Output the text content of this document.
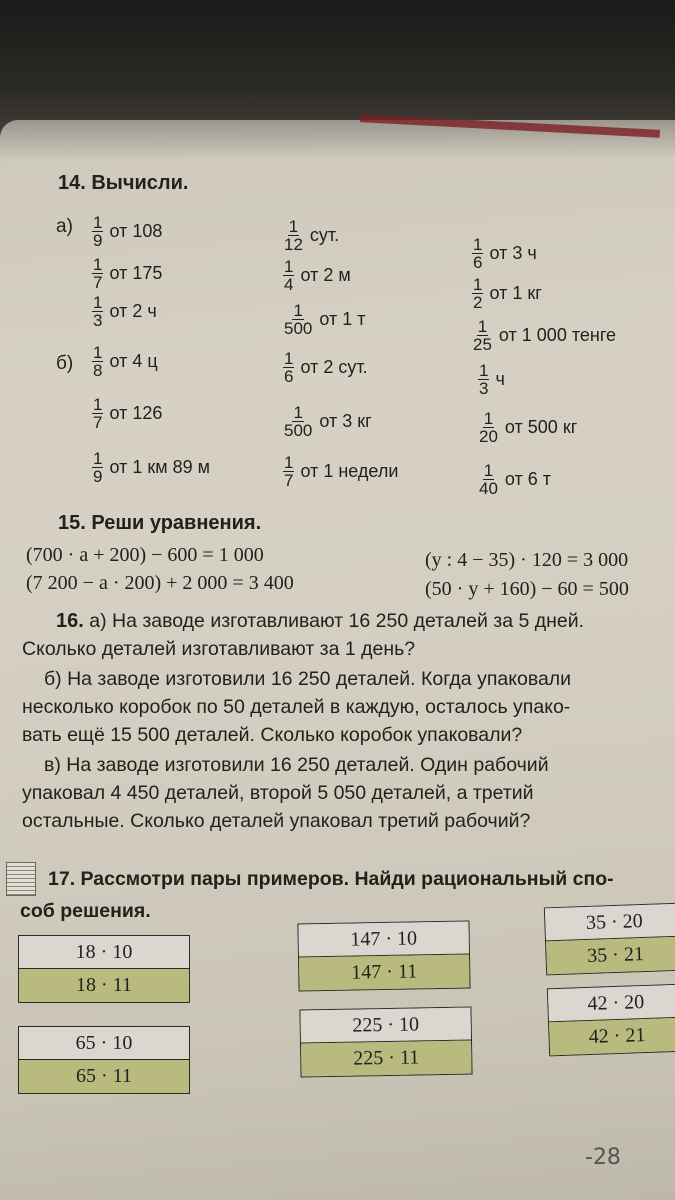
14. Вычисли.
а)
б)
$\frac{1}{9}$ от 108
$\frac{1}{7}$ от 175
$\frac{1}{3}$ от 2 ч
$\frac{1}{12}$ сут.
$\frac{1}{4}$ от 2 м
$\frac{1}{500}$ от 1 т
$\frac{1}{6}$ от 3 ч
$\frac{1}{2}$ от 1 кг
$\frac{1}{25}$ от 1 000 тенге
$\frac{1}{8}$ от 4 ц
$\frac{1}{7}$ от 126
$\frac{1}{9}$ от 1 км 89 м
$\frac{1}{6}$ от 2 сут.
$\frac{1}{500}$ от 3 кг
$\frac{1}{7}$ от 1 недели
$\frac{1}{3}$ ч
$\frac{1}{20}$ от 500 кг
$\frac{1}{40}$ от 6 т
15. Реши уравнения.
(700 · a + 200) − 600 = 1 000
(7 200 − a · 200) + 2 000 = 3 400
(y : 4 − 35) · 120 = 3 000
(50 · y + 160) − 60 = 500
16. а) На заводе изготавливают 16 250 деталей за 5 дней.
Сколько деталей изготавливают за 1 день?
б) На заводе изготовили 16 250 деталей. Когда упаковали
несколько коробок по 50 деталей в каждую, осталось упако-
вать ещё 15 500 деталей. Сколько коробок упаковали?
в) На заводе изготовили 16 250 деталей. Один рабочий
упаковал 4 450 деталей, второй 5 050 деталей, а третий
остальные. Сколько деталей упаковал третий рабочий?
17. Рассмотри пары примеров. Найди рациональный спо-
соб решения.
18 · 10
18 · 11
65 · 10
65 · 11
147 · 10
147 · 11
225 · 10
225 · 11
35 · 20
35 · 21
42 · 20
42 · 21
-28
